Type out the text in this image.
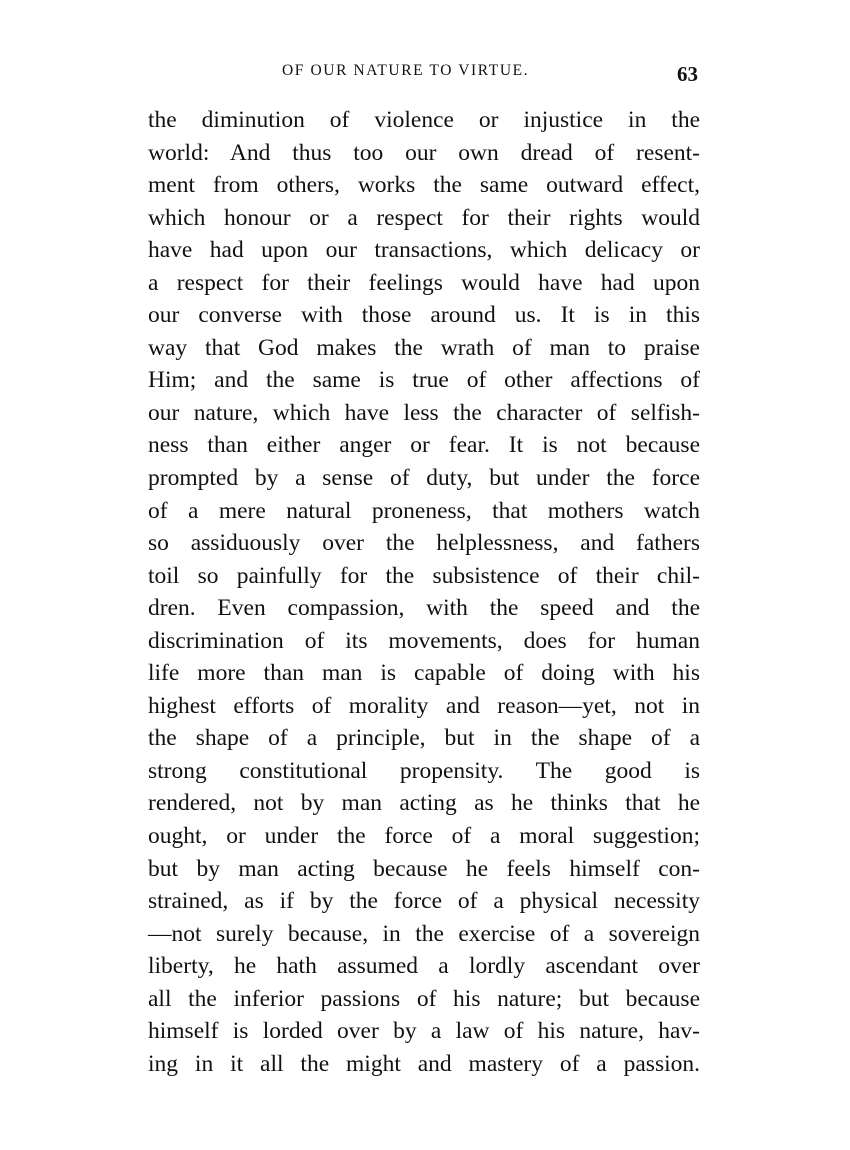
OF OUR NATURE TO VIRTUE.	63
the diminution of violence or injustice in the
world: And thus too our own dread of resent-
ment from others, works the same outward effect,
which honour or a respect for their rights would
have had upon our transactions, which delicacy or
a respect for their feelings would have had upon
our converse with those around us. It is in this
way that God makes the wrath of man to praise
Him; and the same is true of other affections of
our nature, which have less the character of selfish-
ness than either anger or fear. It is not because
prompted by a sense of duty, but under the force
of a mere natural proneness, that mothers watch
so assiduously over the helplessness, and fathers
toil so painfully for the subsistence of their chil-
dren. Even compassion, with the speed and the
discrimination of its movements, does for human
life more than man is capable of doing with his
highest efforts of morality and reason—yet, not in
the shape of a principle, but in the shape of a
strong constitutional propensity. The good is
rendered, not by man acting as he thinks that he
ought, or under the force of a moral suggestion;
but by man acting because he feels himself con-
strained, as if by the force of a physical necessity
—not surely because, in the exercise of a sovereign
liberty, he hath assumed a lordly ascendant over
all the inferior passions of his nature; but because
himself is lorded over by a law of his nature, hav-
ing in it all the might and mastery of a passion.
